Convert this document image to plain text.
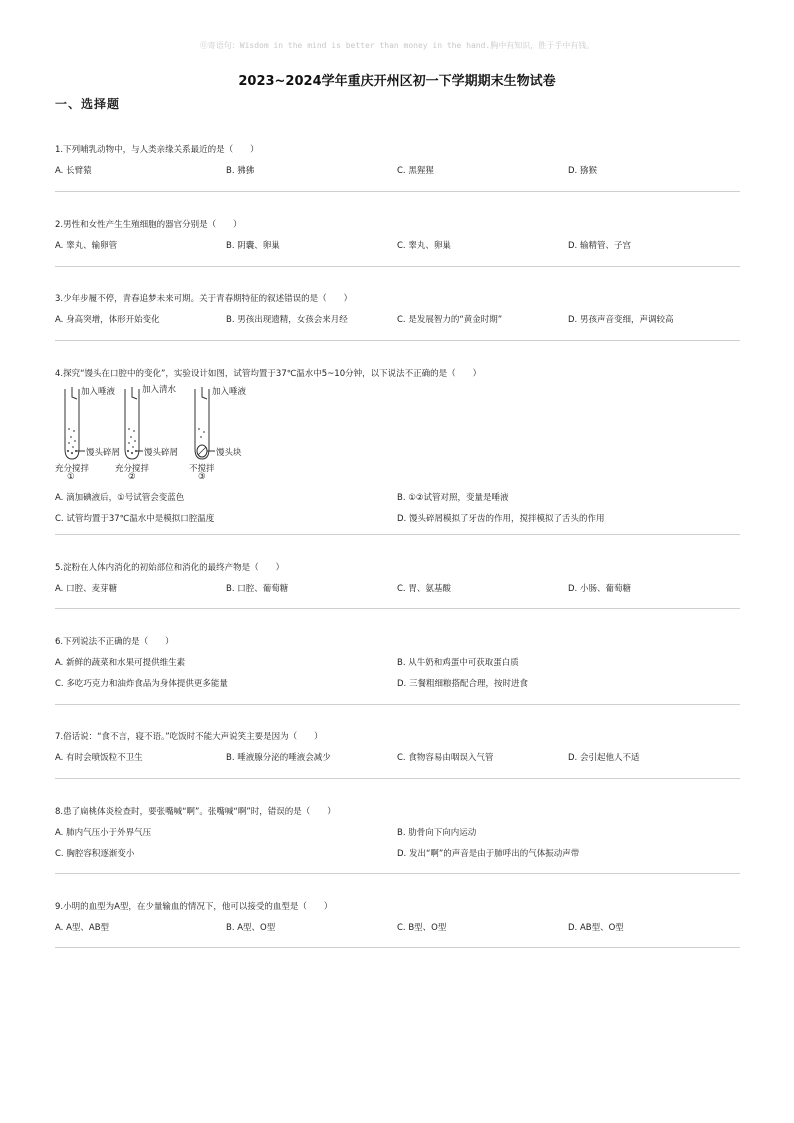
⓪寄语句：Wisdom in the mind is better than money in the hand.胸中有知识，胜于手中有钱。
2023~2024学年重庆开州区初一下学期期末生物试卷
一、选择题
1.下列哺乳动物中，与人类亲缘关系最近的是（　　）
A. 长臂猿	B. 狒狒	C. 黑猩猩	D. 猕猴
2.男性和女性产生生殖细胞的器官分别是（　　）
A. 睾丸、输卵管	B. 阴囊、卵巢	C. 睾丸、卵巢	D. 输精管、子宫
3.少年步履不停，青春追梦未来可期。关于青春期特征的叙述错误的是（　　）
A. 身高突增，体形开始变化	B. 男孩出现遗精，女孩会来月经	C. 是发展智力的“黄金时期”	D. 男孩声音变细，声调较高
4.探究“馒头在口腔中的变化”，实验设计如图，试管均置于37℃温水中5~10分钟，以下说法不正确的是（　　）
加入唾液	加入清水	加入唾液
馒头碎屑	馒头碎屑	馒头块
充分搅拌	充分搅拌	不搅拌
①	②	③
A. 滴加碘液后，①号试管会变蓝色	B. ①②试管对照，变量是唾液
C. 试管均置于37℃温水中是模拟口腔温度	D. 馒头碎屑模拟了牙齿的作用，搅拌模拟了舌头的作用
5.淀粉在人体内消化的初始部位和消化的最终产物是（　　）
A. 口腔、麦芽糖	B. 口腔、葡萄糖	C. 胃、氨基酸	D. 小肠、葡萄糖
6.下列说法不正确的是（　　）
A. 新鲜的蔬菜和水果可提供维生素	B. 从牛奶和鸡蛋中可获取蛋白质
C. 多吃巧克力和油炸食品为身体提供更多能量	D. 三餐粗细粮搭配合理，按时进食
7.俗话说：“食不言，寝不语。”吃饭时不能大声说笑主要是因为（　　）
A. 有时会喷饭粒不卫生	B. 唾液腺分泌的唾液会减少	C. 食物容易由咽误入气管	D. 会引起他人不适
8.患了扁桃体炎检查时，要张嘴喊“啊”。张嘴喊“啊”时，错误的是（　　）
A. 肺内气压小于外界气压	B. 肋骨向下向内运动
C. 胸腔容积逐渐变小	D. 发出“啊”的声音是由于肺呼出的气体振动声带
9.小明的血型为A型，在少量输血的情况下，他可以接受的血型是（　　）
A. A型、AB型	B. A型、O型	C. B型、O型	D. AB型、O型
